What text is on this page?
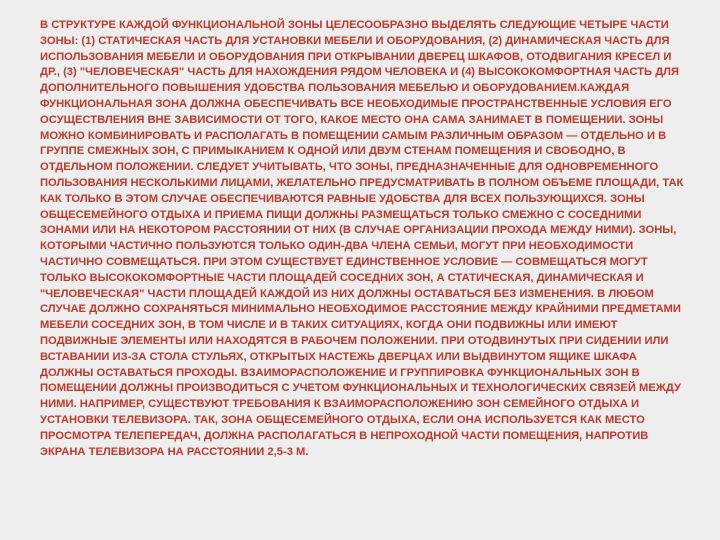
В СТРУКТУРЕ КАЖДОЙ ФУНКЦИОНАЛЬНОЙ ЗОНЫ ЦЕЛЕСООБРАЗНО ВЫДЕЛЯТЬ СЛЕДУЮЩИЕ ЧЕТЫРЕ ЧАСТИ ЗОНЫ: (1) СТАТИЧЕСКАЯ ЧАСТЬ ДЛЯ УСТАНОВКИ МЕБЕЛИ И ОБОРУДОВАНИЯ, (2) ДИНАМИЧЕСКАЯ ЧАСТЬ ДЛЯ ИСПОЛЬЗОВАНИЯ МЕБЕЛИ И ОБОРУДОВАНИЯ ПРИ ОТКРЫВАНИИ ДВЕРЕЦ ШКАФОВ, ОТОДВИГАНИЯ КРЕСЕЛ И ДР., (3) "ЧЕЛОВЕЧЕСКАЯ" ЧАСТЬ ДЛЯ НАХОЖДЕНИЯ РЯДОМ ЧЕЛОВЕКА И (4) ВЫСОКОКОМФОРТНАЯ ЧАСТЬ ДЛЯ ДОПОЛНИТЕЛЬНОГО ПОВЫШЕНИЯ УДОБСТВА ПОЛЬЗОВАНИЯ МЕБЕЛЬЮ И ОБОРУДОВАНИЕМ.КАЖДАЯ ФУНКЦИОНАЛЬНАЯ ЗОНА ДОЛЖНА ОБЕСПЕЧИВАТЬ ВСЕ НЕОБХОДИМЫЕ ПРОСТРАНСТВЕННЫЕ УСЛОВИЯ ЕГО ОСУЩЕСТВЛЕНИЯ ВНЕ ЗАВИСИМОСТИ ОТ ТОГО, КАКОЕ МЕСТО ОНА САМА ЗАНИМАЕТ В ПОМЕЩЕНИИ. ЗОНЫ МОЖНО КОМБИНИРОВАТЬ И РАСПОЛАГАТЬ В ПОМЕЩЕНИИ САМЫМ РАЗЛИЧНЫМ ОБРАЗОМ — ОТДЕЛЬНО И В ГРУППЕ СМЕЖНЫХ ЗОН, С ПРИМЫКАНИЕМ К ОДНОЙ ИЛИ ДВУМ СТЕНАМ ПОМЕЩЕНИЯ И СВОБОДНО, В ОТДЕЛЬНОМ ПОЛОЖЕНИИ. СЛЕДУЕТ УЧИТЫВАТЬ, ЧТО ЗОНЫ, ПРЕДНАЗНАЧЕННЫЕ ДЛЯ ОДНОВРЕМЕННОГО ПОЛЬЗОВАНИЯ НЕСКОЛЬКИМИ ЛИЦАМИ, ЖЕЛАТЕЛЬНО ПРЕДУСМАТРИВАТЬ В ПОЛНОМ ОБЪЕМЕ ПЛОЩАДИ, ТАК КАК ТОЛЬКО В ЭТОМ СЛУЧАЕ ОБЕСПЕЧИВАЮТСЯ РАВНЫЕ УДОБСТВА ДЛЯ ВСЕХ ПОЛЬЗУЮЩИХСЯ. ЗОНЫ ОБЩЕСЕМЕЙНОГО ОТДЫХА И ПРИЕМА ПИЩИ ДОЛЖНЫ РАЗМЕЩАТЬСЯ ТОЛЬКО СМЕЖНО С СОСЕДНИМИ ЗОНАМИ ИЛИ НА НЕКОТОРОМ РАССТОЯНИИ ОТ НИХ (В СЛУЧАЕ ОРГАНИЗАЦИИ ПРОХОДА МЕЖДУ НИМИ). ЗОНЫ, КОТОРЫМИ ЧАСТИЧНО ПОЛЬЗУЮТСЯ ТОЛЬКО ОДИН-ДВА ЧЛЕНА СЕМЬИ, МОГУТ ПРИ НЕОБХОДИМОСТИ ЧАСТИЧНО СОВМЕЩАТЬСЯ. ПРИ ЭТОМ СУЩЕСТВУЕТ ЕДИНСТВЕННОЕ УСЛОВИЕ — СОВМЕЩАТЬСЯ МОГУТ ТОЛЬКО ВЫСОКОКОМФОРТНЫЕ ЧАСТИ ПЛОЩАДЕЙ СОСЕДНИХ ЗОН, А СТАТИЧЕСКАЯ, ДИНАМИЧЕСКАЯ И "ЧЕЛОВЕЧЕСКАЯ" ЧАСТИ ПЛОЩАДЕЙ КАЖДОЙ ИЗ НИХ ДОЛЖНЫ ОСТАВАТЬСЯ БЕЗ ИЗМЕНЕНИЯ. В ЛЮБОМ СЛУЧАЕ ДОЛЖНО СОХРАНЯТЬСЯ МИНИМАЛЬНО НЕОБХОДИМОЕ РАССТОЯНИЕ МЕЖДУ КРАЙНИМИ ПРЕДМЕТАМИ МЕБЕЛИ СОСЕДНИХ ЗОН, В ТОМ ЧИСЛЕ И В ТАКИХ СИТУАЦИЯХ, КОГДА ОНИ ПОДВИЖНЫ ИЛИ ИМЕЮТ ПОДВИЖНЫЕ ЭЛЕМЕНТЫ ИЛИ НАХОДЯТСЯ В РАБОЧЕМ ПОЛОЖЕНИИ. ПРИ ОТОДВИНУТЫХ ПРИ СИДЕНИИ ИЛИ ВСТАВАНИИ ИЗ-ЗА СТОЛА СТУЛЬЯХ, ОТКРЫТЫХ НАСТЕЖЬ ДВЕРЦАХ ИЛИ ВЫДВИНУТОМ ЯЩИКЕ ШКАФА ДОЛЖНЫ ОСТАВАТЬСЯ ПРОХОДЫ. ВЗАИМОРАСПОЛОЖЕНИЕ И ГРУППИРОВКА ФУНКЦИОНАЛЬНЫХ ЗОН В ПОМЕЩЕНИИ ДОЛЖНЫ ПРОИЗВОДИТЬСЯ С УЧЕТОМ ФУНКЦИОНАЛЬНЫХ И ТЕХНОЛОГИЧЕСКИХ СВЯЗЕЙ МЕЖДУ НИМИ. НАПРИМЕР, СУЩЕСТВУЮТ ТРЕБОВАНИЯ К ВЗАИМОРАСПОЛОЖЕНИЮ ЗОН СЕМЕЙНОГО ОТДЫХА И УСТАНОВКИ ТЕЛЕВИЗОРА. ТАК, ЗОНА ОБЩЕСЕМЕЙНОГО ОТДЫХА, ЕСЛИ ОНА ИСПОЛЬЗУЕТСЯ КАК МЕСТО ПРОСМОТРА ТЕЛЕПЕРЕДАЧ, ДОЛЖНА РАСПОЛАГАТЬСЯ В НЕПРОХОДНОЙ ЧАСТИ ПОМЕЩЕНИЯ, НАПРОТИВ ЭКРАНА ТЕЛЕВИЗОРА НА РАССТОЯНИИ 2,5-3 М.
